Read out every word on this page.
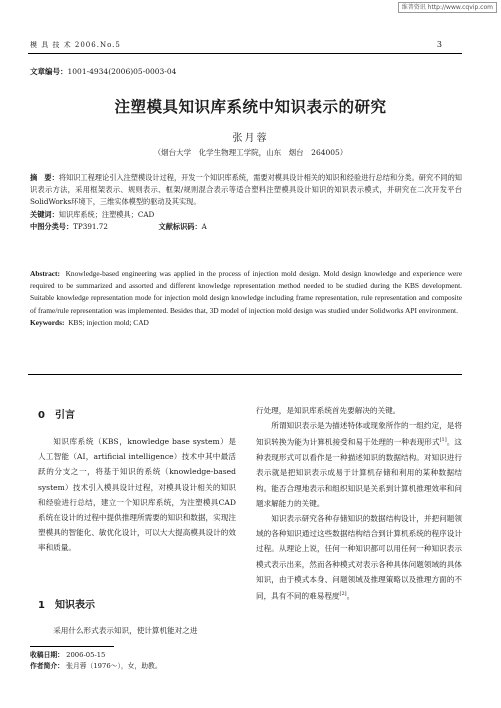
维普资讯 http://www.cqvip.com
模 具 技 术 2006.No.5	3
文章编号：1001-4934(2006)05-0003-04
注塑模具知识库系统中知识表示的研究
张月蓉
（烟台大学　化学生物理工学院，山东　烟台　264005）
摘　要：将知识工程理论引入注塑模设计过程，开发一个知识库系统，需要对模具设计相关的知识和经验进行总结和分类。研究不同的知识表示方法，采用框架表示、规则表示、框架/规则混合表示等适合塑料注塑模具设计知识的知识表示模式，并研究在二次开发平台SolidWorks环境下，三维实体模型的驱动及其实现。
关键词：知识库系统；注塑模具；CAD
中图分类号：TP391.72	文献标识码：A
Abstract: Knowledge-based engineering was applied in the process of injection mold design. Mold design knowledge and experience were required to be summarized and assorted and different knowledge representation method needed to be studied during the KBS development. Suitable knowledge representation mode for injection mold design knowledge including frame representation, rule representation and composite of frame/rule representation was implemented. Besides that, 3D model of injection mold design was studied under Solidworks API environment.
Keywords: KBS; injection mold; CAD
0 引言

知识库系统（KBS，knowledge base system）是人工智能（AI，artificial intelligence）技术中其中最活跃的分支之一，将基于知识的系统（knowledge-based system）技术引入模具设计过程，对模具设计相关的知识和经验进行总结，建立一个知识库系统，为注塑模具CAD系统在设计的过程中提供推理所需要的知识和数据，实现注塑模具的智能化、敏优化设计，可以大大提高模具设计的效率和质量。

1 知识表示

采用什么形式表示知识，使计算机能对之进

行处理，是知识库系统首先要解决的关键。

所谓知识表示是为描述特体或现象所作的一组约定，是将知识转换为能为计算机接受和易于处理的一种表现形式[1]。这种表现形式可以看作是一种描述知识的数据结构。对知识进行表示就是把知识表示成易于计算机存储和利用的某种数据结构。能否合理地表示和组织知识是关系到计算机推理效率和问题求解能力的关键。

知识表示研究各种存储知识的数据结构设计，并把问题领域的各种知识通过这些数据结构结合到计算机系统的程序设计过程。从理论上说，任何一种知识都可以用任何一种知识表示模式表示出来，然而各种模式对表示各种具体问题领域的具体知识，由于模式本身、问题领域及推理策略以及推理方面的不同，具有不同的难易程度[2]。

收稿日期： 2006-05-15
作者简介： 张月蓉（1976～），女，助教。
